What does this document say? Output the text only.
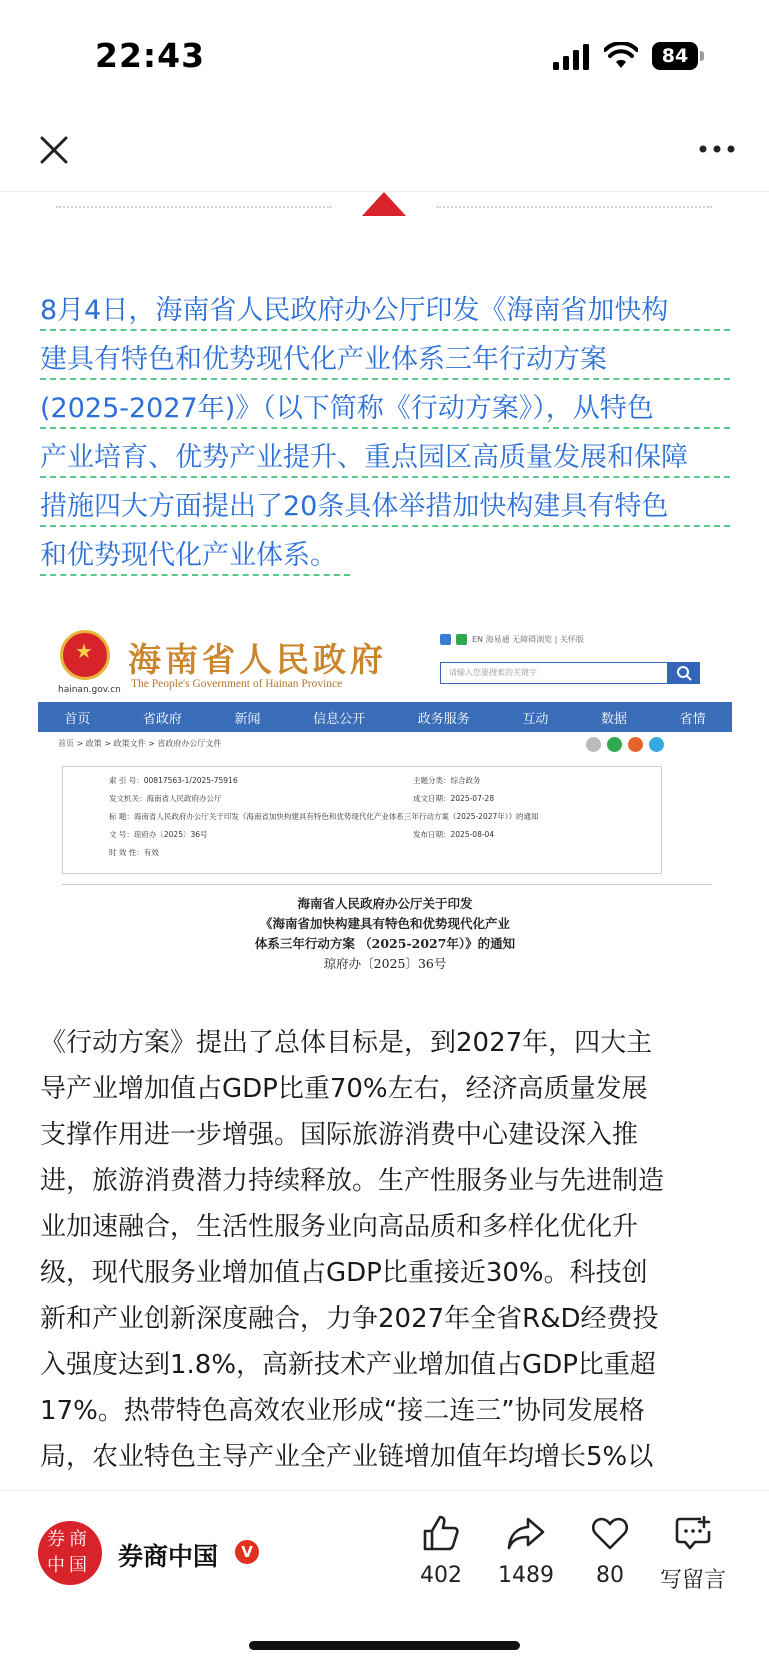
22:43	84
8月4日，海南省人民政府办公厅印发《海南省加快构
建具有特色和优势现代化产业体系三年行动方案
(2025-2027年)》（以下简称《行动方案》），从特色
产业培育、优势产业提升、重点园区高质量发展和保障
措施四大方面提出了20条具体举措加快构建具有特色
和优势现代化产业体系。
★
hainan.gov.cn
海南省人民政府
The People's Government of Hainan Province
EN 海易通 无障碍浏览 | 关怀版
请输入您要搜索的关键字
首页	省政府	新闻	信息公开	政务服务	互动	数据	省情
首页 > 政策 > 政策文件 > 省政府办公厅文件
索 引 号：00817563-1/2025-75916	主题分类：综合政务
发文机关：海南省人民政府办公厅	成文日期：2025-07-28
标 题：海南省人民政府办公厅关于印发《海南省加快构建具有特色和优势现代化产业体系三年行动方案（2025-2027年）》的通知
文 号：琼府办〔2025〕36号	发布日期：2025-08-04
时 效 性：有效
海南省人民政府办公厅关于印发
《海南省加快构建具有特色和优势现代化产业
体系三年行动方案 （2025-2027年）》的通知
琼府办〔2025〕36号
《行动方案》提出了总体目标是，到2027年，四大主
导产业增加值占GDP比重70%左右，经济高质量发展
支撑作用进一步增强。国际旅游消费中心建设深入推
进，旅游消费潜力持续释放。生产性服务业与先进制造
业加速融合，生活性服务业向高品质和多样化优化升
级，现代服务业增加值占GDP比重接近30%。科技创
新和产业创新深度融合，力争2027年全省R&D经费投
入强度达到1.8%，高新技术产业增加值占GDP比重超
17%。热带特色高效农业形成“接二连三”协同发展格
局，农业特色主导产业全产业链增加值年均增长5%以
券商中国	券商中国	V
402	1489	80	写留言
